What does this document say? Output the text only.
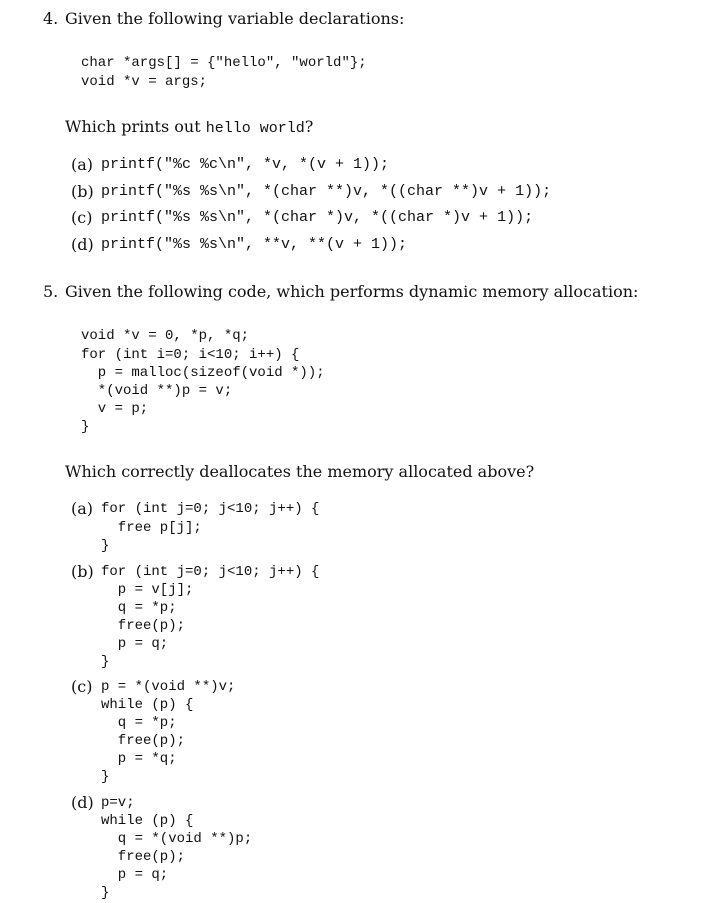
4. Given the following variable declarations:
char *args[] = {"hello", "world"};
void *v = args;
Which prints out hello world?
(a) printf("%c %c\n", *v, *(v + 1));
(b) printf("%s %s\n", *(char **)v, *((char **)v + 1));
(c) printf("%s %s\n", *(char *)v, *((char *)v + 1));
(d) printf("%s %s\n", **v, **(v + 1));
5. Given the following code, which performs dynamic memory allocation:
void *v = 0, *p, *q;
for (int i=0; i<10; i++) {
p = malloc(sizeof(void *));
*(void **)p = v;
v = p;
}
Which correctly deallocates the memory allocated above?
(a) for (int j=0; j<10; j++) {
free p[j];
}
(b) for (int j=0; j<10; j++) {
p = v[j];
q = *p;
free(p);
p = q;
}
(c) p = *(void **)v;
while (p) {
q = *p;
free(p);
p = *q;
}
(d) p=v;
while (p) {
q = *(void **)p;
free(p);
p = q;
}
